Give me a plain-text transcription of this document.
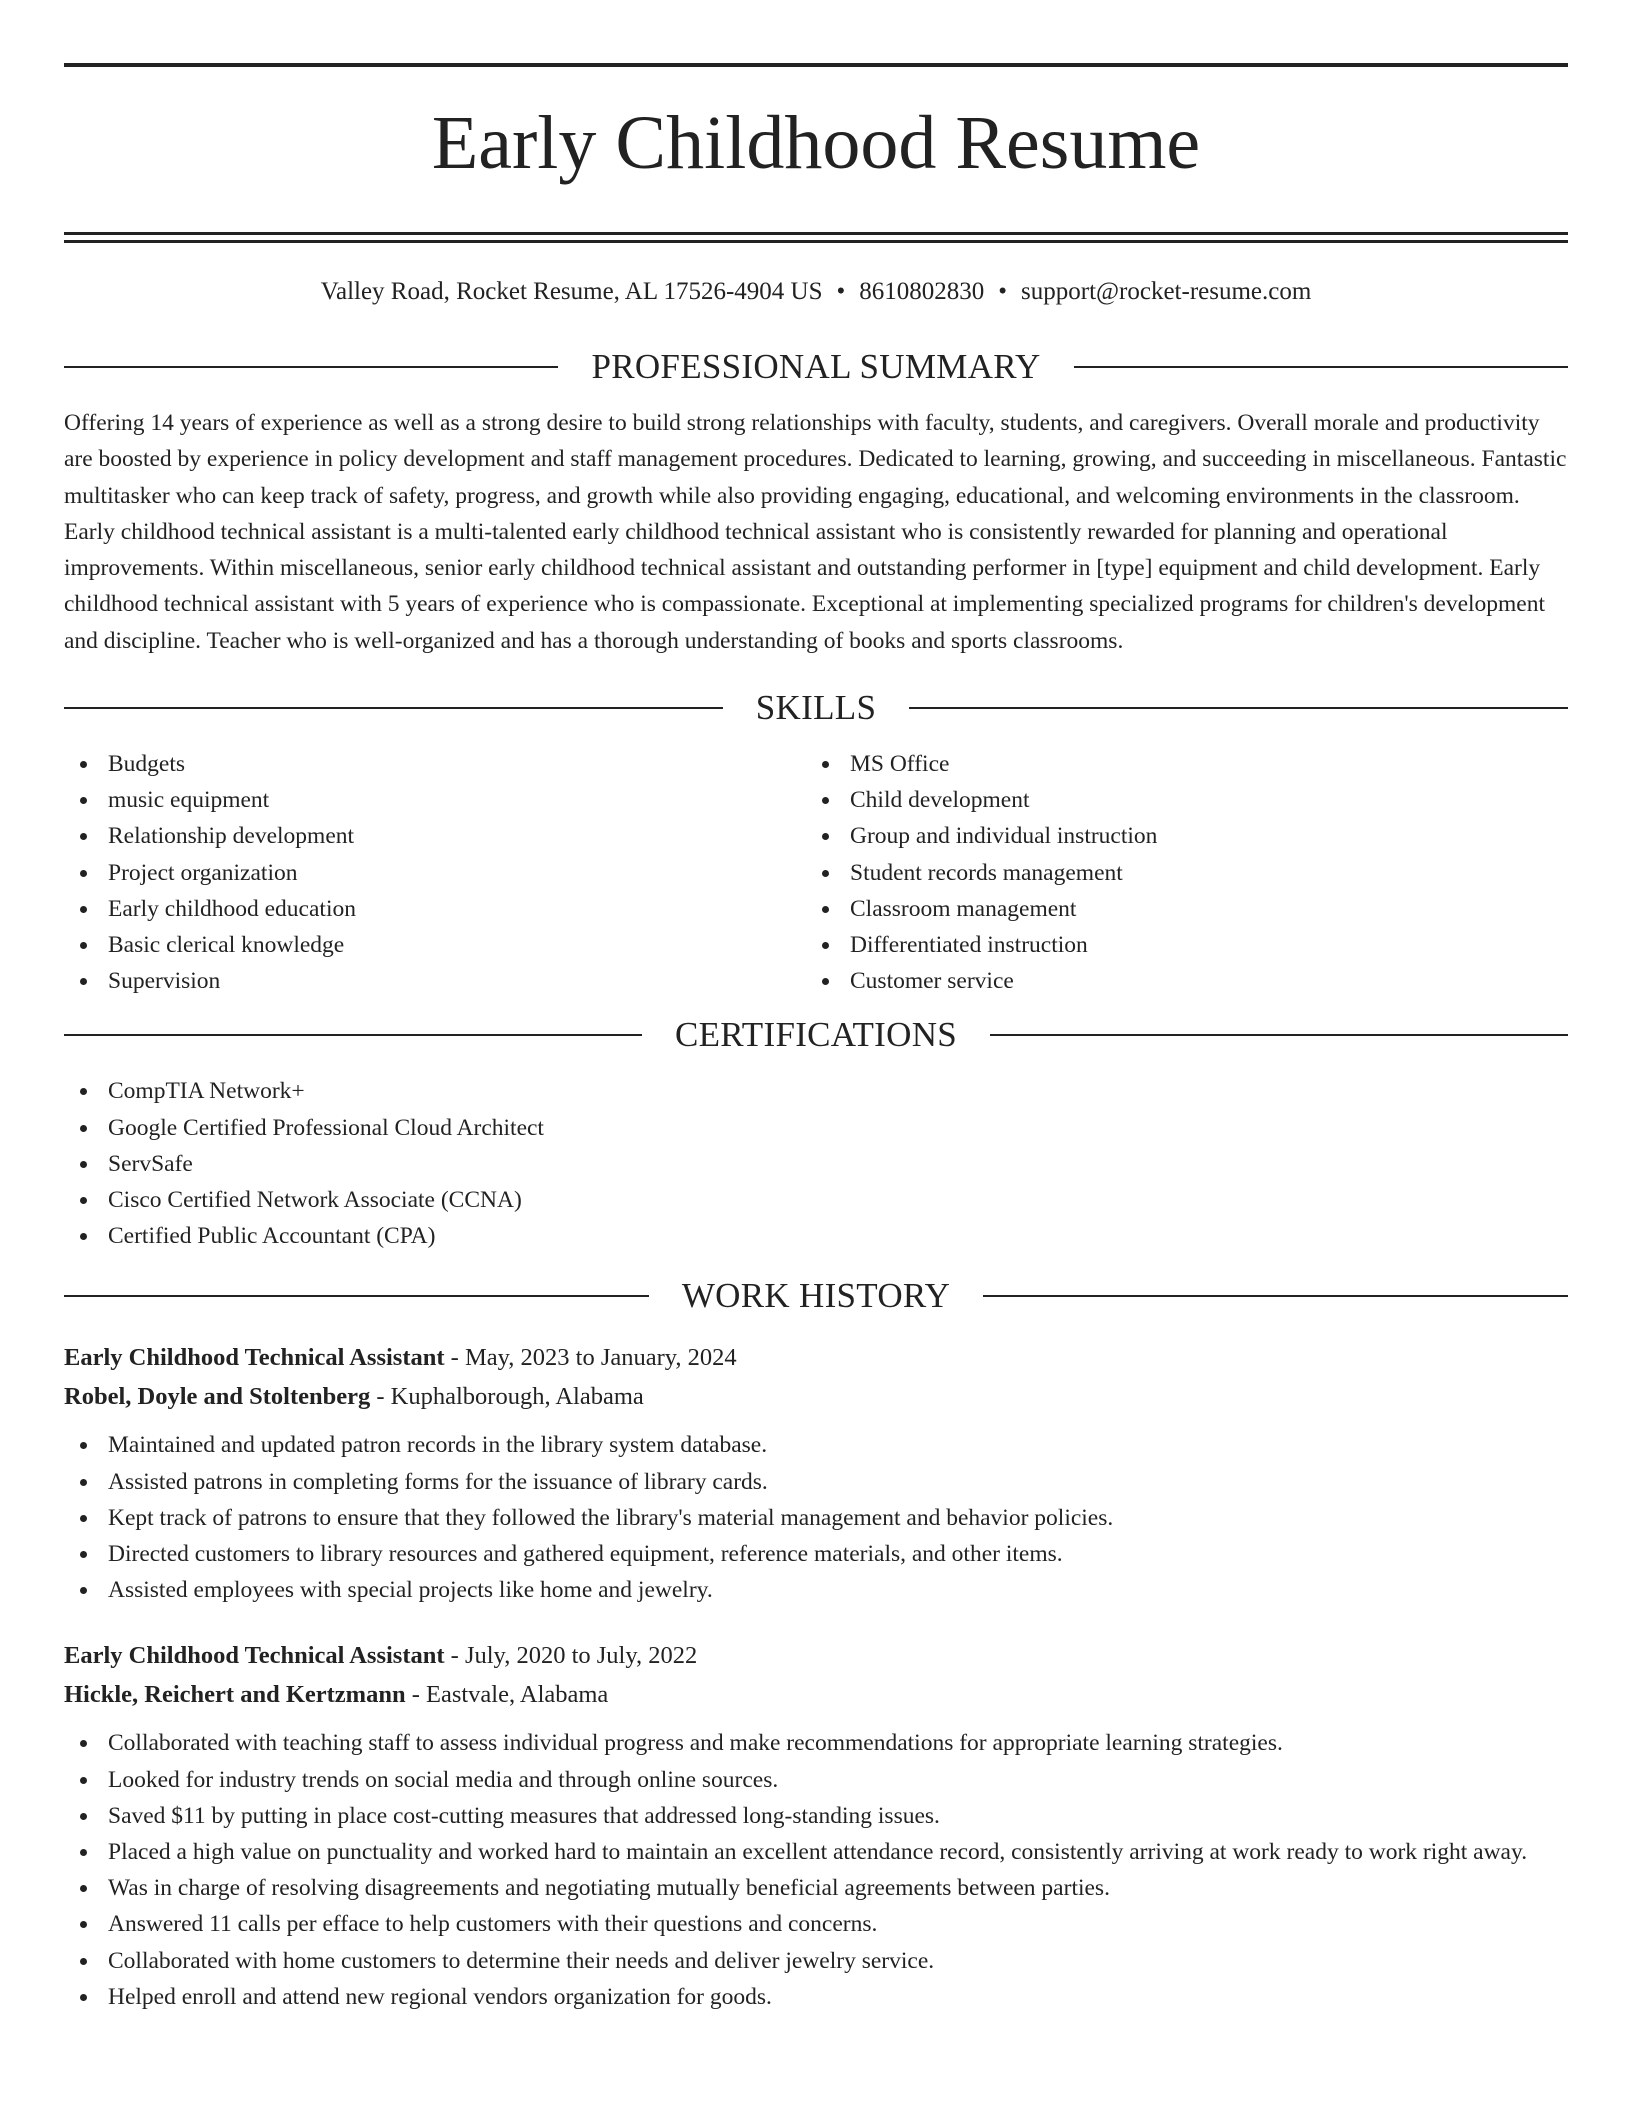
Early Childhood Resume
Valley Road, Rocket Resume, AL 17526-4904 US • 8610802830 • support@rocket-resume.com
PROFESSIONAL SUMMARY

Offering 14 years of experience as well as a strong desire to build strong relationships with faculty, students, and caregivers. Overall morale and productivity are boosted by experience in policy development and staff management procedures. Dedicated to learning, growing, and succeeding in miscellaneous. Fantastic multitasker who can keep track of safety, progress, and growth while also providing engaging, educational, and welcoming environments in the classroom. Early childhood technical assistant is a multi-talented early childhood technical assistant who is consistently rewarded for planning and operational improvements. Within miscellaneous, senior early childhood technical assistant and outstanding performer in [type] equipment and child development. Early childhood technical assistant with 5 years of experience who is compassionate. Exceptional at implementing specialized programs for children's development and discipline. Teacher who is well-organized and has a thorough understanding of books and sports classrooms.

SKILLS
Budgets
music equipment
Relationship development
Project organization
Early childhood education
Basic clerical knowledge
Supervision
MS Office
Child development
Group and individual instruction
Student records management
Classroom management
Differentiated instruction
Customer service
CERTIFICATIONS
CompTIA Network+
Google Certified Professional Cloud Architect
ServSafe
Cisco Certified Network Associate (CCNA)
Certified Public Accountant (CPA)
WORK HISTORY
Early Childhood Technical Assistant - May, 2023 to January, 2024
Robel, Doyle and Stoltenberg - Kuphalborough, Alabama
Maintained and updated patron records in the library system database.
Assisted patrons in completing forms for the issuance of library cards.
Kept track of patrons to ensure that they followed the library's material management and behavior policies.
Directed customers to library resources and gathered equipment, reference materials, and other items.
Assisted employees with special projects like home and jewelry.
Early Childhood Technical Assistant - July, 2020 to July, 2022
Hickle, Reichert and Kertzmann - Eastvale, Alabama
Collaborated with teaching staff to assess individual progress and make recommendations for appropriate learning strategies.
Looked for industry trends on social media and through online sources.
Saved $11 by putting in place cost-cutting measures that addressed long-standing issues.
Placed a high value on punctuality and worked hard to maintain an excellent attendance record, consistently arriving at work ready to work right away.
Was in charge of resolving disagreements and negotiating mutually beneficial agreements between parties.
Answered 11 calls per efface to help customers with their questions and concerns.
Collaborated with home customers to determine their needs and deliver jewelry service.
Helped enroll and attend new regional vendors organization for goods.
